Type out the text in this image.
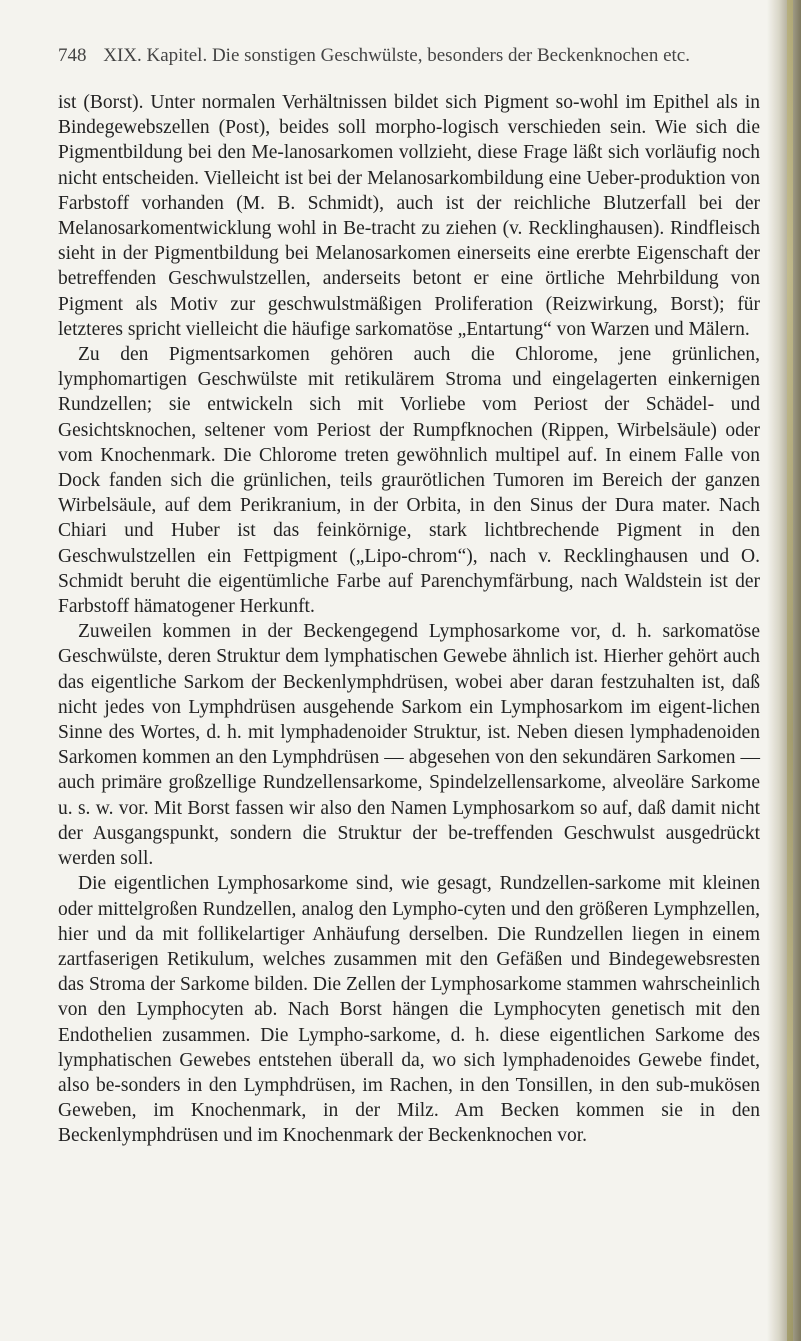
748 XIX. Kapitel. Die sonstigen Geschwülste, besonders der Beckenknochen etc.

ist (Borst). Unter normalen Verhältnissen bildet sich Pigment so-wohl im Epithel als in Bindegewebszellen (Post), beides soll morpho-logisch verschieden sein. Wie sich die Pigmentbildung bei den Me-lanosarkomen vollzieht, diese Frage läßt sich vorläufig noch nicht entscheiden. Vielleicht ist bei der Melanosarkombildung eine Ueber-produktion von Farbstoff vorhanden (M. B. Schmidt), auch ist der reichliche Blutzerfall bei der Melanosarkomentwicklung wohl in Be-tracht zu ziehen (v. Recklinghausen). Rindfleisch sieht in der Pigmentbildung bei Melanosarkomen einerseits eine ererbte Eigenschaft der betreffenden Geschwulstzellen, anderseits betont er eine örtliche Mehrbildung von Pigment als Motiv zur geschwulstmäßigen Proliferation (Reizwirkung, Borst); für letzteres spricht vielleicht die häufige sarkomatöse „Entartung“ von Warzen und Mälern.

Zu den Pigmentsarkomen gehören auch die Chlorome, jene grünlichen, lymphomartigen Geschwülste mit retikulärem Stroma und eingelagerten einkernigen Rundzellen; sie entwickeln sich mit Vorliebe vom Periost der Schädel- und Gesichtsknochen, seltener vom Periost der Rumpfknochen (Rippen, Wirbelsäule) oder vom Knochenmark. Die Chlorome treten gewöhnlich multipel auf. In einem Falle von Dock fanden sich die grünlichen, teils graurötlichen Tumoren im Bereich der ganzen Wirbelsäule, auf dem Perikranium, in der Orbita, in den Sinus der Dura mater. Nach Chiari und Huber ist das feinkörnige, stark lichtbrechende Pigment in den Geschwulstzellen ein Fettpigment („Lipo-chrom“), nach v. Recklinghausen und O. Schmidt beruht die eigentümliche Farbe auf Parenchymfärbung, nach Waldstein ist der Farbstoff hämatogener Herkunft.

Zuweilen kommen in der Beckengegend Lymphosarkome vor, d. h. sarkomatöse Geschwülste, deren Struktur dem lymphatischen Gewebe ähnlich ist. Hierher gehört auch das eigentliche Sarkom der Beckenlymphdrüsen, wobei aber daran festzuhalten ist, daß nicht jedes von Lymphdrüsen ausgehende Sarkom ein Lymphosarkom im eigent-lichen Sinne des Wortes, d. h. mit lymphadenoider Struktur, ist. Neben diesen lymphadenoiden Sarkomen kommen an den Lymphdrüsen — abgesehen von den sekundären Sarkomen — auch primäre großzellige Rundzellensarkome, Spindelzellensarkome, alveoläre Sarkome u. s. w. vor. Mit Borst fassen wir also den Namen Lymphosarkom so auf, daß damit nicht der Ausgangspunkt, sondern die Struktur der be-treffenden Geschwulst ausgedrückt werden soll.

Die eigentlichen Lymphosarkome sind, wie gesagt, Rundzellen-sarkome mit kleinen oder mittelgroßen Rundzellen, analog den Lympho-cyten und den größeren Lymphzellen, hier und da mit follikelartiger Anhäufung derselben. Die Rundzellen liegen in einem zartfaserigen Retikulum, welches zusammen mit den Gefäßen und Bindegewebsresten das Stroma der Sarkome bilden. Die Zellen der Lymphosarkome stammen wahrscheinlich von den Lymphocyten ab. Nach Borst hängen die Lymphocyten genetisch mit den Endothelien zusammen. Die Lympho-sarkome, d. h. diese eigentlichen Sarkome des lymphatischen Gewebes entstehen überall da, wo sich lymphadenoides Gewebe findet, also be-sonders in den Lymphdrüsen, im Rachen, in den Tonsillen, in den sub-mukösen Geweben, im Knochenmark, in der Milz. Am Becken kommen sie in den Beckenlymphdrüsen und im Knochenmark der Beckenknochen vor.
